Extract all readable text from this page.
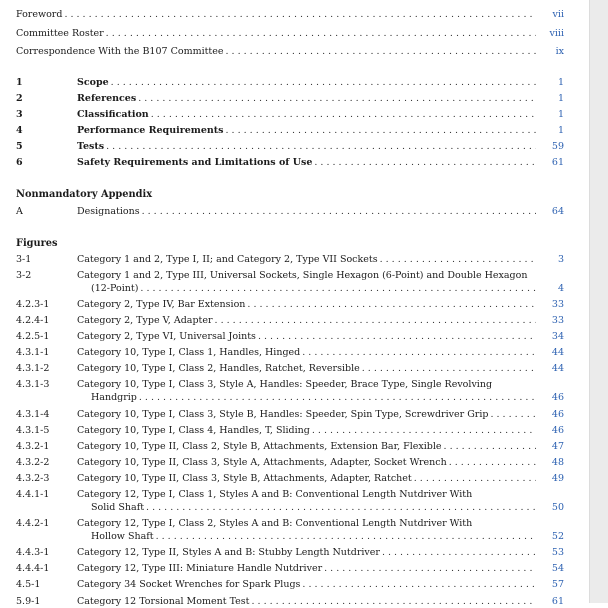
Foreword . . .	vii
Committee Roster . . .	viii
Correspondence With the B107 Committee . . .	ix
1	Scope . . .	1
2	References . . .	1
3	Classification . . .	1
4	Performance Requirements . . .	1
5	Tests . . .	59
6	Safety Requirements and Limitations of Use . . .	61
Nonmandatory Appendix
A	Designations . . .	64
Figures
3-1	Category 1 and 2, Type I, II; and Category 2, Type VII Sockets . . .	3
3-2	Category 1 and 2, Type III, Universal Sockets, Single Hexagon (6-Point) and Double Hexagon
(12-Point) . . .	4
4.2.3-1	Category 2, Type IV, Bar Extension . . .	33
4.2.4-1	Category 2, Type V, Adapter . . .	33
4.2.5-1	Category 2, Type VI, Universal Joints . . .	34
4.3.1-1	Category 10, Type I, Class 1, Handles, Hinged . . .	44
4.3.1-2	Category 10, Type I, Class 2, Handles, Ratchet, Reversible . . .	44
4.3.1-3	Category 10, Type I, Class 3, Style A, Handles: Speeder, Brace Type, Single Revolving
Handgrip . . .	46
4.3.1-4	Category 10, Type I, Class 3, Style B, Handles: Speeder, Spin Type, Screwdriver Grip . . .	46
4.3.1-5	Category 10, Type I, Class 4, Handles, T, Sliding . . .	46
4.3.2-1	Category 10, Type II, Class 2, Style B, Attachments, Extension Bar, Flexible . . .	47
4.3.2-2	Category 10, Type II, Class 3, Style A, Attachments, Adapter, Socket Wrench . . .	48
4.3.2-3	Category 10, Type II, Class 3, Style B, Attachments, Adapter, Ratchet . . .	49
4.4.1-1	Category 12, Type I, Class 1, Styles A and B: Conventional Length Nutdriver With
Solid Shaft . . .	50
4.4.2-1	Category 12, Type I, Class 2, Styles A and B: Conventional Length Nutdriver With
Hollow Shaft . . .	52
4.4.3-1	Category 12, Type II, Styles A and B: Stubby Length Nutdriver . . .	53
4.4.4-1	Category 12, Type III: Miniature Handle Nutdriver . . .	54
4.5-1	Category 34 Socket Wrenches for Spark Plugs . . .	57
5.9-1	Category 12 Torsional Moment Test . . .	61
